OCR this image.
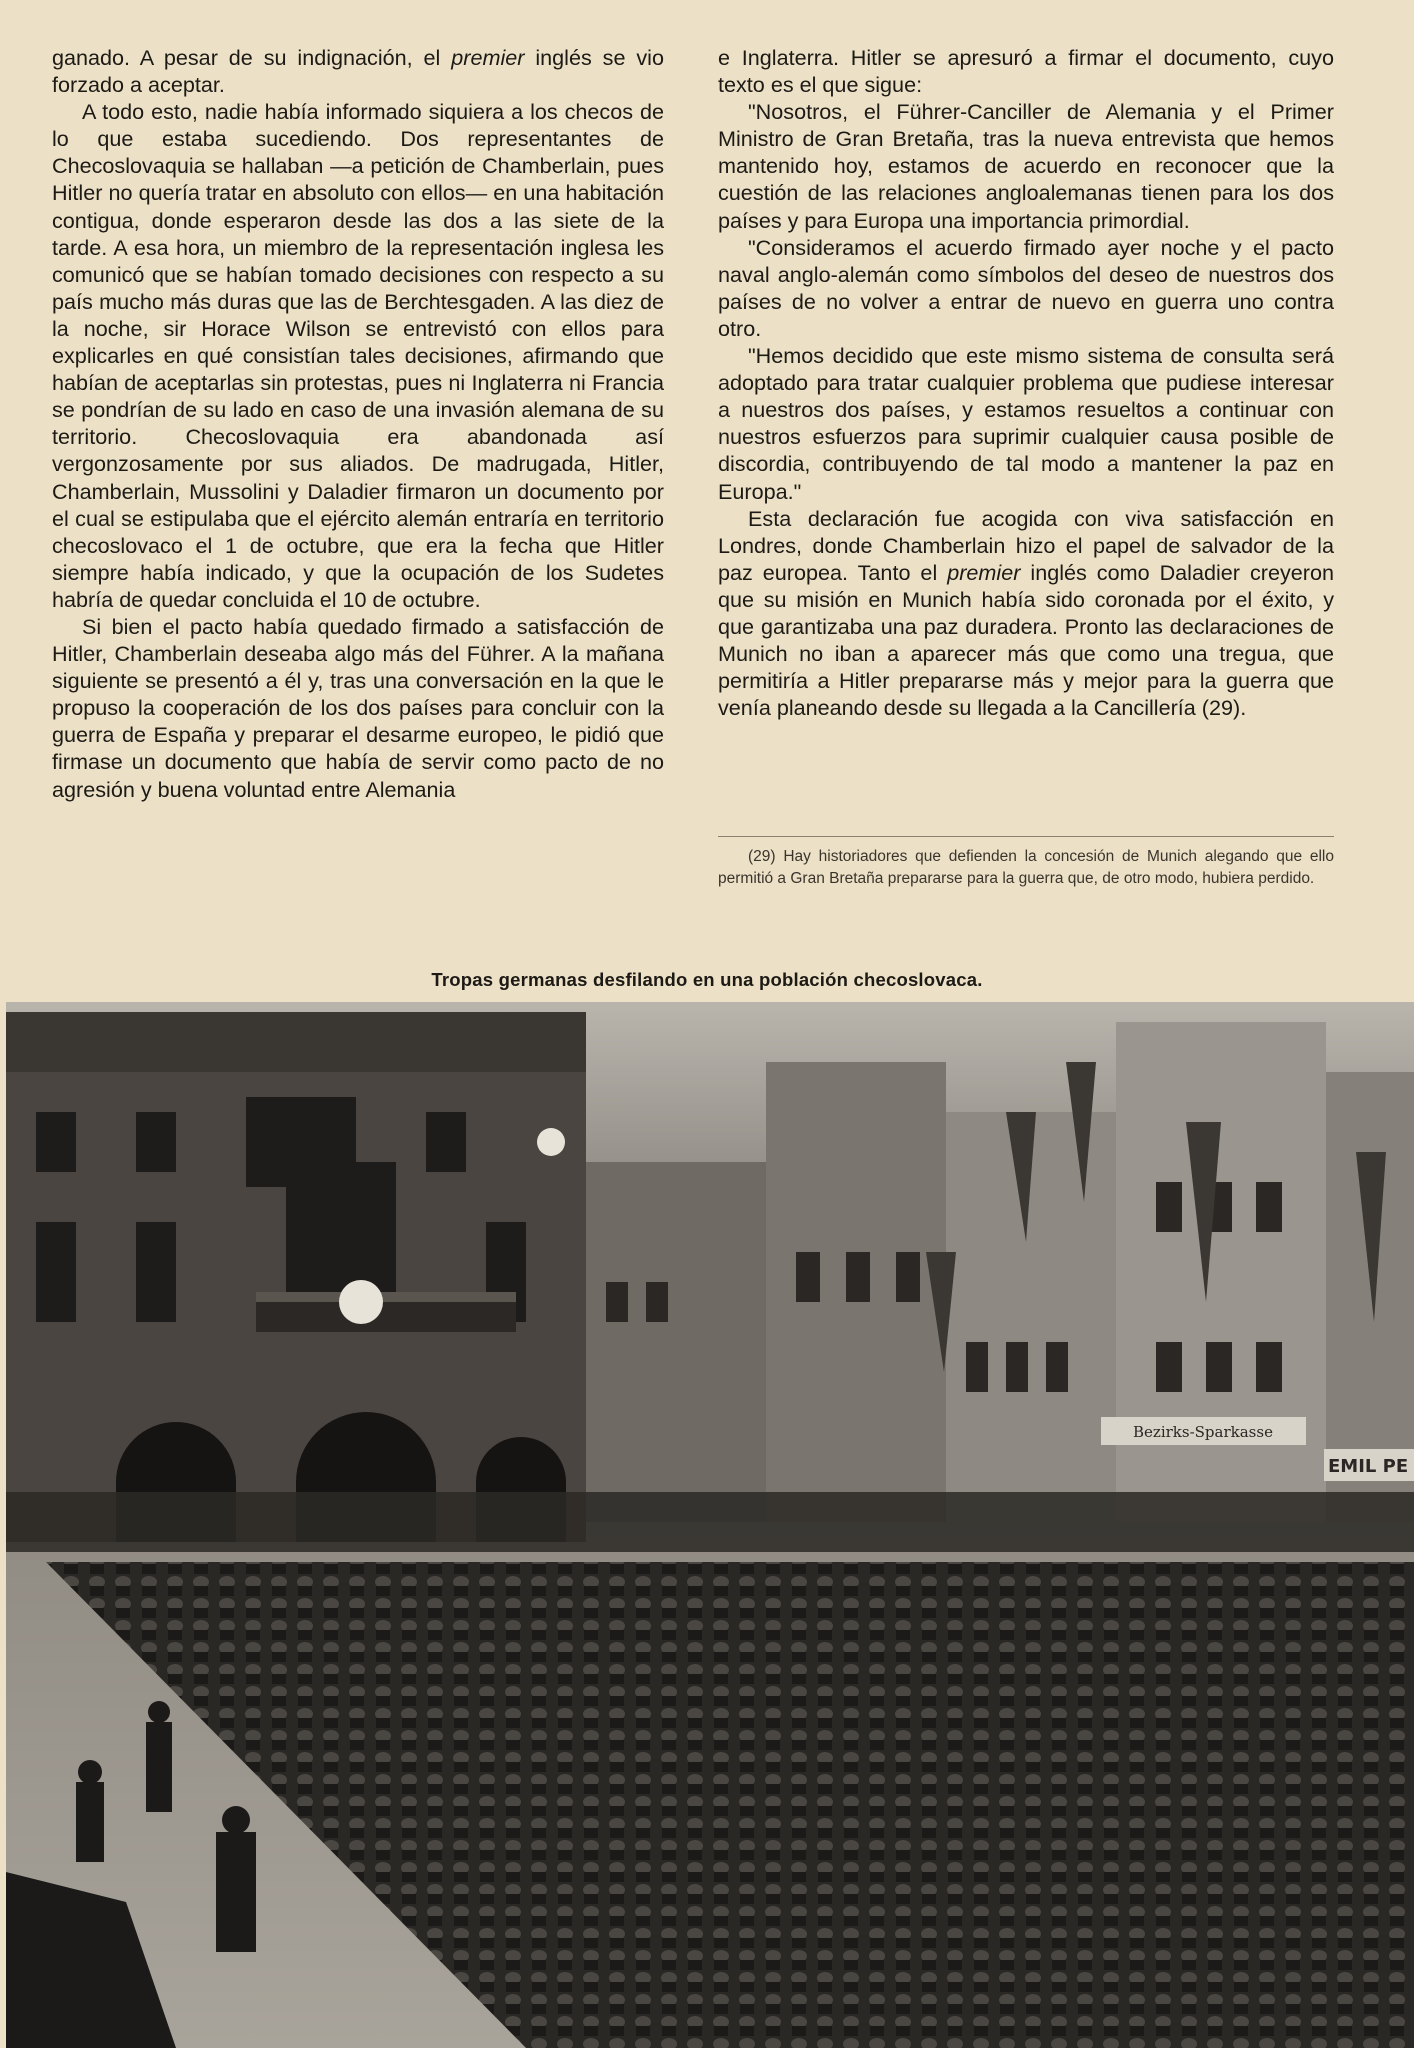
ganado. A pesar de su indignación, el premier inglés se vio forzado a aceptar.

A todo esto, nadie había informado siquiera a los checos de lo que estaba sucediendo. Dos representantes de Checoslovaquia se hallaban —a petición de Chamberlain, pues Hitler no quería tratar en absoluto con ellos— en una habitación contigua, donde esperaron desde las dos a las siete de la tarde. A esa hora, un miembro de la representación inglesa les comunicó que se habían tomado decisiones con respecto a su país mucho más duras que las de Berchtesgaden. A las diez de la noche, sir Horace Wilson se entrevistó con ellos para explicarles en qué consistían tales decisiones, afirmando que habían de aceptarlas sin protestas, pues ni Inglaterra ni Francia se pondrían de su lado en caso de una invasión alemana de su territorio. Checoslovaquia era abandonada así vergonzosamente por sus aliados. De madrugada, Hitler, Chamberlain, Mussolini y Daladier firmaron un documento por el cual se estipulaba que el ejército alemán entraría en territorio checoslovaco el 1 de octubre, que era la fecha que Hitler siempre había indicado, y que la ocupación de los Sudetes habría de quedar concluida el 10 de octubre.

Si bien el pacto había quedado firmado a satisfacción de Hitler, Chamberlain deseaba algo más del Führer. A la mañana siguiente se presentó a él y, tras una conversación en la que le propuso la cooperación de los dos países para concluir con la guerra de España y preparar el desarme europeo, le pidió que firmase un documento que había de servir como pacto de no agresión y buena voluntad entre Alemania

e Inglaterra. Hitler se apresuró a firmar el documento, cuyo texto es el que sigue:

"Nosotros, el Führer-Canciller de Alemania y el Primer Ministro de Gran Bretaña, tras la nueva entrevista que hemos mantenido hoy, estamos de acuerdo en reconocer que la cuestión de las relaciones angloalemanas tienen para los dos países y para Europa una importancia primordial.

"Consideramos el acuerdo firmado ayer noche y el pacto naval anglo-alemán como símbolos del deseo de nuestros dos países de no volver a entrar de nuevo en guerra uno contra otro.

"Hemos decidido que este mismo sistema de consulta será adoptado para tratar cualquier problema que pudiese interesar a nuestros dos países, y estamos resueltos a continuar con nuestros esfuerzos para suprimir cualquier causa posible de discordia, contribuyendo de tal modo a mantener la paz en Europa."

Esta declaración fue acogida con viva satisfacción en Londres, donde Chamberlain hizo el papel de salvador de la paz europea. Tanto el premier inglés como Daladier creyeron que su misión en Munich había sido coronada por el éxito, y que garantizaba una paz duradera. Pronto las declaraciones de Munich no iban a aparecer más que como una tregua, que permitiría a Hitler prepararse más y mejor para la guerra que venía planeando desde su llegada a la Cancillería (29).

(29) Hay historiadores que defienden la concesión de Munich alegando que ello permitió a Gran Bretaña prepararse para la guerra que, de otro modo, hubiera perdido.
Tropas germanas desfilando en una población checoslovaca.
Bezirks-Sparkasse
EMIL PE
